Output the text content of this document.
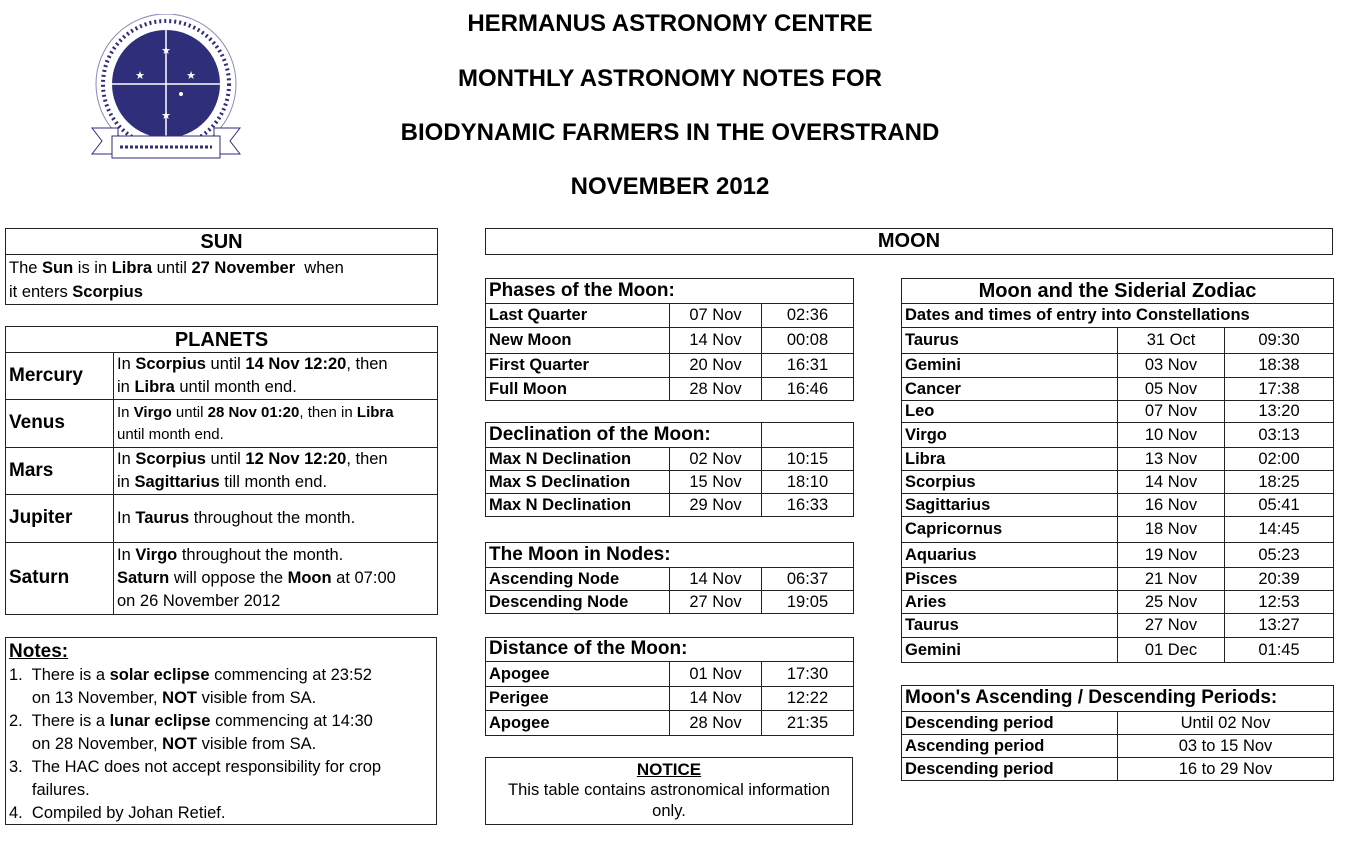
HERMANUS ASTRONOMY CENTRE
MONTHLY ASTRONOMY NOTES FOR
BIODYNAMIC FARMERS IN THE OVERSTRAND
NOVEMBER 2012
★
★	★
★
SUN

The Sun is in Libra until 27 November  when
it enters Scorpius
PLANETS	
Mercury	In Scorpius until 14 Nov 12:20, then
in Libra until month end.

Venus	In Virgo until 28 Nov 01:20, then in Libra
until month end.

Mars	In Scorpius until 12 Nov 12:20, then
in Sagittarius till month end.

Jupiter	In Taurus throughout the month.

Saturn	In Virgo throughout the month.
Saturn will oppose the Moon at 07:00
on 26 November 2012
Notes:
1.  There is a solar eclipse commencing at 23:52
on 13 November, NOT visible from SA.
2.  There is a lunar eclipse commencing at 14:30
on 28 November, NOT visible from SA.
3.  The HAC does not accept responsibility for crop
failures.
4.  Compiled by Johan Retief.
MOON
Phases of the Moon:		
Last Quarter	07 Nov	02:36
New Moon	14 Nov	00:08
First Quarter	20 Nov	16:31
Full Moon	28 Nov	16:46
Declination of the Moon:		
Max N Declination	02 Nov	10:15
Max S Declination	15 Nov	18:10
Max N Declination	29 Nov	16:33
The Moon in Nodes:		
Ascending Node	14 Nov	06:37
Descending Node	27 Nov	19:05
Distance of the Moon:		
Apogee	01 Nov	17:30
Perigee	14 Nov	12:22
Apogee	28 Nov	21:35
NOTICE
This table contains astronomical information only.
Moon and the Siderial Zodiac		
Dates and times of entry into Constellations		
Taurus	31 Oct	09:30
Gemini	03 Nov	18:38
Cancer	05 Nov	17:38
Leo	07 Nov	13:20
Virgo	10 Nov	03:13
Libra	13 Nov	02:00
Scorpius	14 Nov	18:25
Sagittarius	16 Nov	05:41
Capricornus	18 Nov	14:45
Aquarius	19 Nov	05:23
Pisces	21 Nov	20:39
Aries	25 Nov	12:53
Taurus	27 Nov	13:27
Gemini	01 Dec	01:45
Moon's Ascending / Descending Periods:	
Descending period	Until 02 Nov
Ascending period	03 to 15 Nov
Descending period	16 to 29 Nov
